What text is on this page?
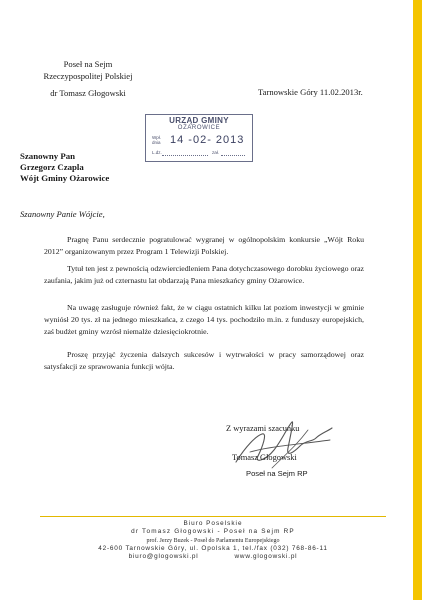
Poseł na Sejm
Rzeczypospolitej Polskiej
dr Tomasz Głogowski	Tarnowskie Góry 11.02.2013r.
URZĄD GMINY
OŻAROWICE
Wpł.
dnia 14 -02- 2013
L.dz.	zał.
Szanowny Pan
Grzegorz Czapla
Wójt Gminy Ożarowice
Szanowny Panie Wójcie,

Pragnę Panu serdecznie pogratulować wygranej w ogólnopolskim konkursie „Wójt Roku 2012” organizowanym przez Program 1 Telewizji Polskiej.

Tytuł ten jest z pewnością odzwierciedleniem Pana dotychczasowego dorobku życiowego oraz zaufania, jakim już od czternastu lat obdarzają Pana mieszkańcy gminy Ożarowice.

Na uwagę zasługuje również fakt, że w ciągu ostatnich kilku lat poziom inwestycji w gminie wyniósł 20 tys. zł na jednego mieszkańca, z czego 14 tys. pochodziło m.in. z funduszy europejskich, zaś budżet gminy wzrósł niemalże dziesięciokrotnie.

Proszę przyjąć życzenia dalszych sukcesów i wytrwałości w pracy samorządowej oraz satysfakcji ze sprawowania funkcji wójta.

Z wyrazami szacunku
Tomasz Głogowski
Poseł na Sejm RP
Biuro Poselskie
dr Tomasz Głogowski - Poseł na Sejm RP
prof. Jerzy Buzek - Poseł do Parlamentu Europejskiego
42-600 Tarnowskie Góry, ul. Opolska 1, tel./fax (032) 768-86-11
biuro@glogowski.pl	www.glogowski.pl
